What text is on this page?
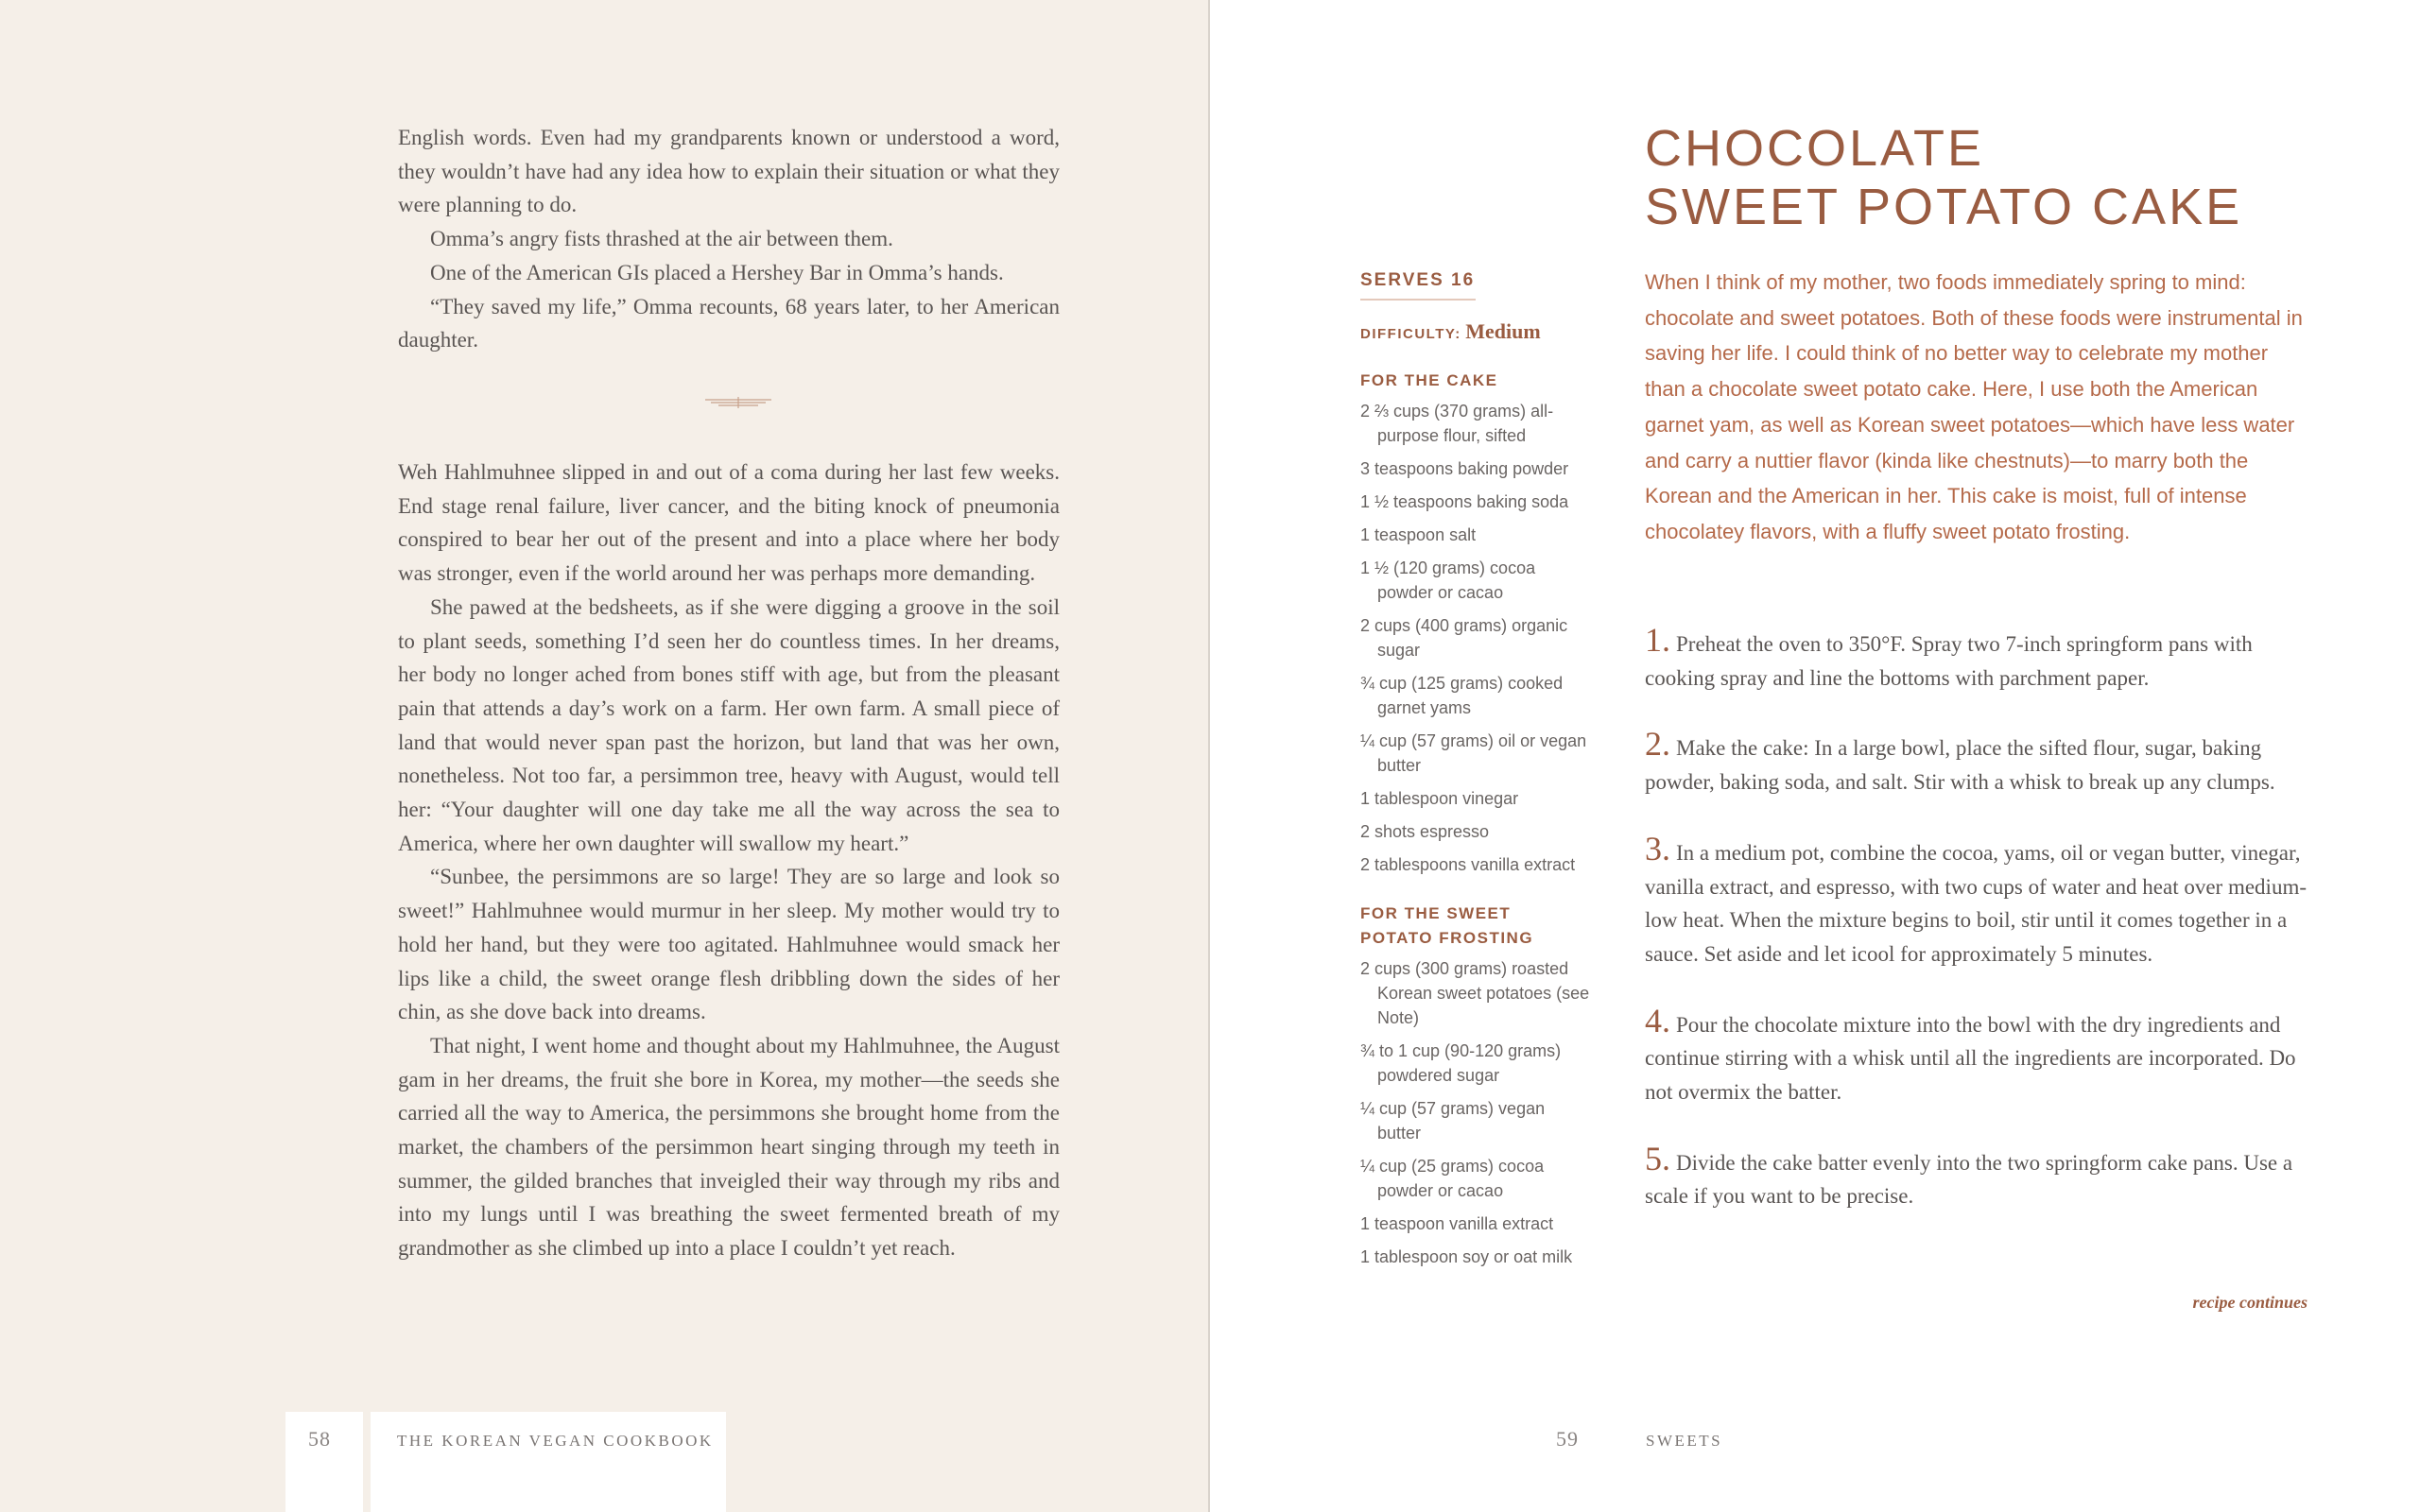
English words. Even had my grandparents known or understood a word, they wouldn’t have had any idea how to explain their situation or what they were planning to do.

Omma’s angry fists thrashed at the air between them.

One of the American GIs placed a Hershey Bar in Omma’s hands.

“They saved my life,” Omma recounts, 68 years later, to her American daughter.

Weh Hahlmuhnee slipped in and out of a coma during her last few weeks. End stage renal failure, liver cancer, and the biting knock of pneumonia conspired to bear her out of the present and into a place where her body was stronger, even if the world around her was perhaps more demanding.

She pawed at the bedsheets, as if she were digging a groove in the soil to plant seeds, something I’d seen her do countless times. In her dreams, her body no longer ached from bones stiff with age, but from the pleasant pain that attends a day’s work on a farm. Her own farm. A small piece of land that would never span past the horizon, but land that was her own, nonetheless. Not too far, a persimmon tree, heavy with August, would tell her: “Your daughter will one day take me all the way across the sea to America, where her own daughter will swallow my heart.”

“Sunbee, the persimmons are so large! They are so large and look so sweet!” Hahlmuhnee would murmur in her sleep. My mother would try to hold her hand, but they were too agitated. Hahlmuhnee would smack her lips like a child, the sweet orange flesh dribbling down the sides of her chin, as she dove back into dreams.

That night, I went home and thought about my Hahlmuhnee, the August gam in her dreams, the fruit she bore in Korea, my mother—the seeds she carried all the way to America, the persimmons she brought home from the market, the chambers of the persimmon heart singing through my teeth in summer, the gilded branches that inveigled their way through my ribs and into my lungs until I was breathing the sweet fermented breath of my grandmother as she climbed up into a place I couldn’t yet reach.

58	THE KOREAN VEGAN COOKBOOK
CHOCOLATE
SWEET POTATO CAKE
SERVES 16
DIFFICULTY: Medium
FOR THE CAKE
2 ⅔ cups (370 grams) all-purpose flour, sifted
3 teaspoons baking powder
1 ½ teaspoons baking soda
1 teaspoon salt
1 ½ (120 grams) cocoa powder or cacao
2 cups (400 grams) organic sugar
¾ cup (125 grams) cooked garnet yams
¼ cup (57 grams) oil or vegan butter
1 tablespoon vinegar
2 shots espresso
2 tablespoons vanilla extract
FOR THE SWEET
POTATO FROSTING
2 cups (300 grams) roasted Korean sweet potatoes (see Note)
¾ to 1 cup (90-120 grams) powdered sugar
¼ cup (57 grams) vegan butter
¼ cup (25 grams) cocoa powder or cacao
1 teaspoon vanilla extract
1 tablespoon soy or oat milk

When I think of my mother, two foods immediately spring to mind: chocolate and sweet potatoes. Both of these foods were instrumental in saving her life. I could think of no better way to celebrate my mother than a chocolate sweet potato cake. Here, I use both the American garnet yam, as well as Korean sweet potatoes—which have less water and carry a nuttier flavor (kinda like chestnuts)—to marry both the Korean and the American in her. This cake is moist, full of intense chocolatey flavors, with a fluffy sweet potato frosting.

1. Preheat the oven to 350°F. Spray two 7-inch springform pans with cooking spray and line the bottoms with parchment paper.

2. Make the cake: In a large bowl, place the sifted flour, sugar, baking powder, baking soda, and salt. Stir with a whisk to break up any clumps.

3. In a medium pot, combine the cocoa, yams, oil or vegan butter, vinegar, vanilla extract, and espresso, with two cups of water and heat over medium-low heat. When the mixture begins to boil, stir until it comes together in a sauce. Set aside and let icool for approximately 5 minutes.

4. Pour the chocolate mixture into the bowl with the dry ingredients and continue stirring with a whisk until all the ingredients are incorporated. Do not overmix the batter.

5. Divide the cake batter evenly into the two springform cake pans. Use a scale if you want to be precise.

recipe continues
59	SWEETS
